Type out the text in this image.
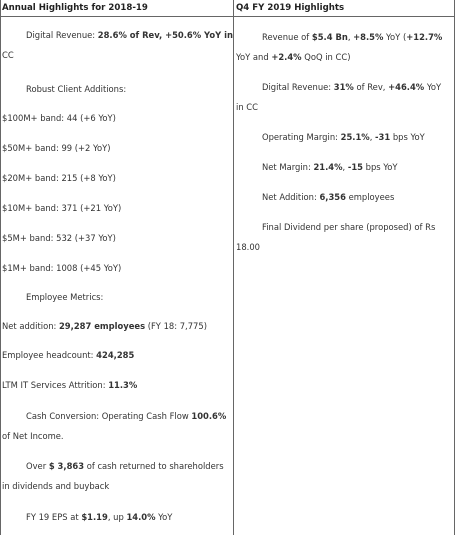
Annual Highlights for 2018-19	Q4 FY 2019 Highlights
Digital Revenue: 28.6% of Rev, +50.6% YoY in
CC
Robust Client Additions:
$100M+ band: 44 (+6 YoY)
$50M+ band: 99 (+2 YoY)
$20M+ band: 215 (+8 YoY)
$10M+ band: 371 (+21 YoY)
$5M+ band: 532 (+37 YoY)
$1M+ band: 1008 (+45 YoY)
Employee Metrics:
Net addition: 29,287 employees (FY 18: 7,775)
Employee headcount: 424,285
LTM IT Services Attrition: 11.3%
Cash Conversion: Operating Cash Flow 100.6%
of Net Income.
Over $ 3,863 of cash returned to shareholders
in dividends and buyback
FY 19 EPS at $1.19, up 14.0% YoY
Revenue of $5.4 Bn, +8.5% YoY (+12.7%
YoY and +2.4% QoQ in CC)
Digital Revenue: 31% of Rev, +46.4% YoY
in CC
Operating Margin: 25.1%, -31 bps YoY
Net Margin: 21.4%, -15 bps YoY
Net Addition: 6,356 employees
Final Dividend per share (proposed) of Rs
18.00
